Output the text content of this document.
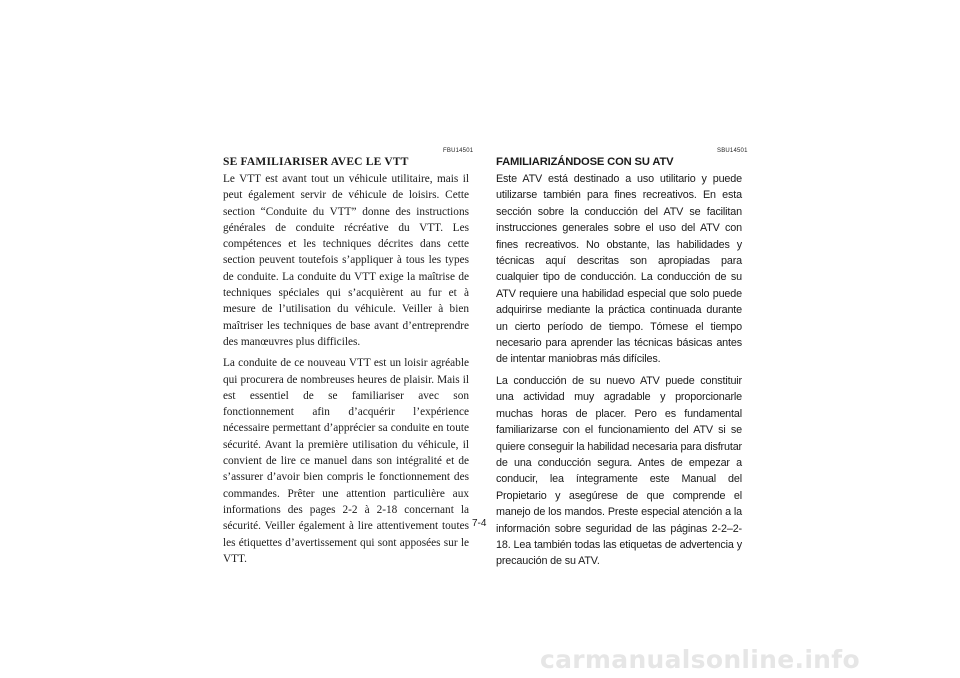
FBU14501	SBU14501
SE FAMILIARISER AVEC LE VTT

Le VTT est avant tout un véhicule utilitaire, mais il peut également servir de véhicule de loisirs. Cette section “Conduite du VTT” donne des instructions générales de conduite récréative du VTT. Les compétences et les techniques décrites dans cette section peuvent toutefois s’appliquer à tous les types de conduite. La conduite du VTT exige la maîtrise de techniques spéciales qui s’acquièrent au fur et à mesure de l’utilisation du véhicule. Veiller à bien maîtriser les techniques de base avant d’entreprendre des manœuvres plus difficiles.

La conduite de ce nouveau VTT est un loisir agréable qui procurera de nombreuses heures de plaisir. Mais il est essentiel de se familiariser avec son fonctionnement afin d’acquérir l’expérience nécessaire permettant d’apprécier sa conduite en toute sécurité. Avant la première utilisation du véhicule, il convient de lire ce manuel dans son intégralité et de s’assurer d’avoir bien compris le fonctionnement des commandes. Prêter une attention particulière aux informations des pages 2-2 à 2-18 concernant la sécurité. Veiller également à lire attentivement toutes les étiquettes d’avertissement qui sont apposées sur le VTT.

FAMILIARIZÁNDOSE CON SU ATV

Este ATV está destinado a uso utilitario y puede utilizarse también para fines recreativos. En esta sección sobre la conducción del ATV se facilitan instrucciones generales sobre el uso del ATV con fines recreativos. No obstante, las habilidades y técnicas aquí descritas son apropiadas para cualquier tipo de conducción. La conducción de su ATV requiere una habilidad especial que solo puede adquirirse mediante la práctica continuada durante un cierto período de tiempo. Tómese el tiempo necesario para aprender las técnicas básicas antes de intentar maniobras más difíciles.

La conducción de su nuevo ATV puede constituir una actividad muy agradable y proporcionarle muchas horas de placer. Pero es fundamental familiarizarse con el funcionamiento del ATV si se quiere conseguir la habilidad necesaria para disfrutar de una conducción segura. Antes de empezar a conducir, lea íntegramente este Manual del Propietario y asegúrese de que comprende el manejo de los mandos. Preste especial atención a la información sobre seguridad de las páginas 2-2–2-18. Lea también todas las etiquetas de advertencia y precaución de su ATV.

7-4
carmanualsonline.info
